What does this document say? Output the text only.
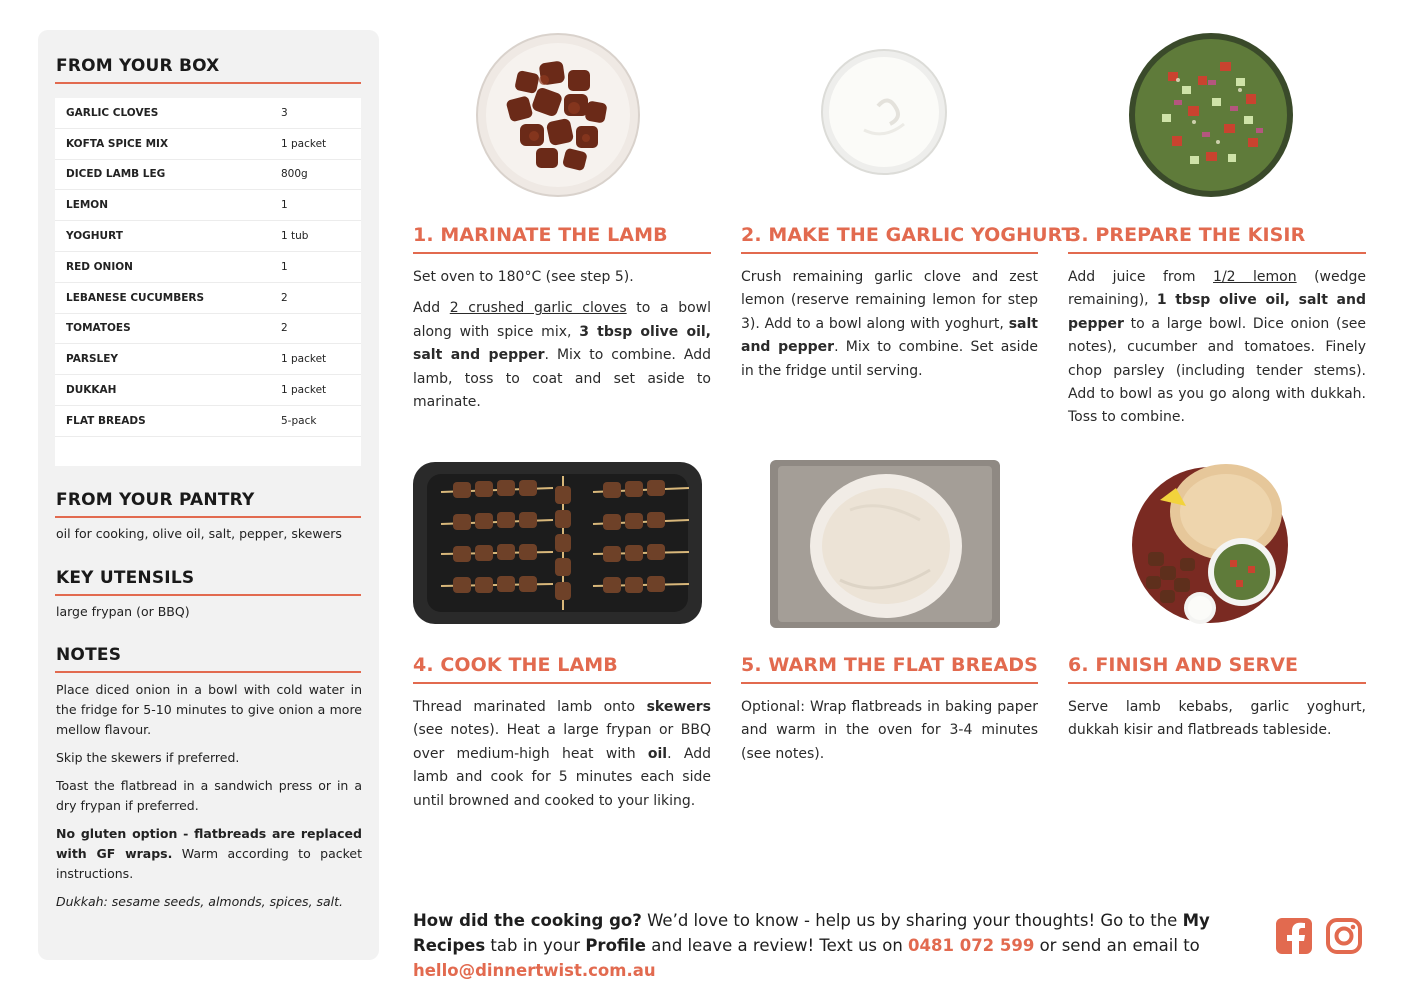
FROM YOUR BOX
GARLIC CLOVES	3
KOFTA SPICE MIX	1 packet
DICED LAMB LEG	800g
LEMON	1
YOGHURT	1 tub
RED ONION	1
LEBANESE CUCUMBERS	2
TOMATOES	2
PARSLEY	1 packet
DUKKAH	1 packet
FLAT BREADS	5-pack
FROM YOUR PANTRY
oil for cooking, olive oil, salt, pepper, skewers
KEY UTENSILS
large frypan (or BBQ)
NOTES

Place diced onion in a bowl with cold water in the fridge for 5-10 minutes to give onion a more mellow flavour.

Skip the skewers if preferred.

Toast the flatbread in a sandwich press or in a dry frypan if preferred.

No gluten option - flatbreads are replaced with GF wraps. Warm according to packet instructions.

Dukkah: sesame seeds, almonds, spices, salt.

1. MARINATE THE LAMB

Set oven to 180°C (see step 5).

Add 2 crushed garlic cloves to a bowl along with spice mix, 3 tbsp olive oil, salt and pepper. Mix to combine. Add lamb, toss to coat and set aside to marinate.

2. MAKE THE GARLIC YOGHURT

Crush remaining garlic clove and zest lemon (reserve remaining lemon for step 3). Add to a bowl along with yoghurt, salt and pepper. Mix to combine. Set aside in the fridge until serving.

3. PREPARE THE KISIR

Add juice from 1/2 lemon (wedge remaining), 1 tbsp olive oil, salt and pepper to a large bowl. Dice onion (see notes), cucumber and tomatoes. Finely chop parsley (including tender stems). Add to bowl as you go along with dukkah. Toss to combine.

4. COOK THE LAMB

Thread marinated lamb onto skewers (see notes). Heat a large frypan or BBQ over medium-high heat with oil. Add lamb and cook for 5 minutes each side until browned and cooked to your liking.

5. WARM THE FLAT BREADS

Optional: Wrap flatbreads in baking paper and warm in the oven for 3-4 minutes (see notes).

6. FINISH AND SERVE

Serve lamb kebabs, garlic yoghurt, dukkah kisir and flatbreads tableside.

How did the cooking go? We’d love to know - help us by sharing your thoughts! Go to the My Recipes tab in your Profile and leave a review! Text us on 0481 072 599 or send an email to hello@dinnertwist.com.au
